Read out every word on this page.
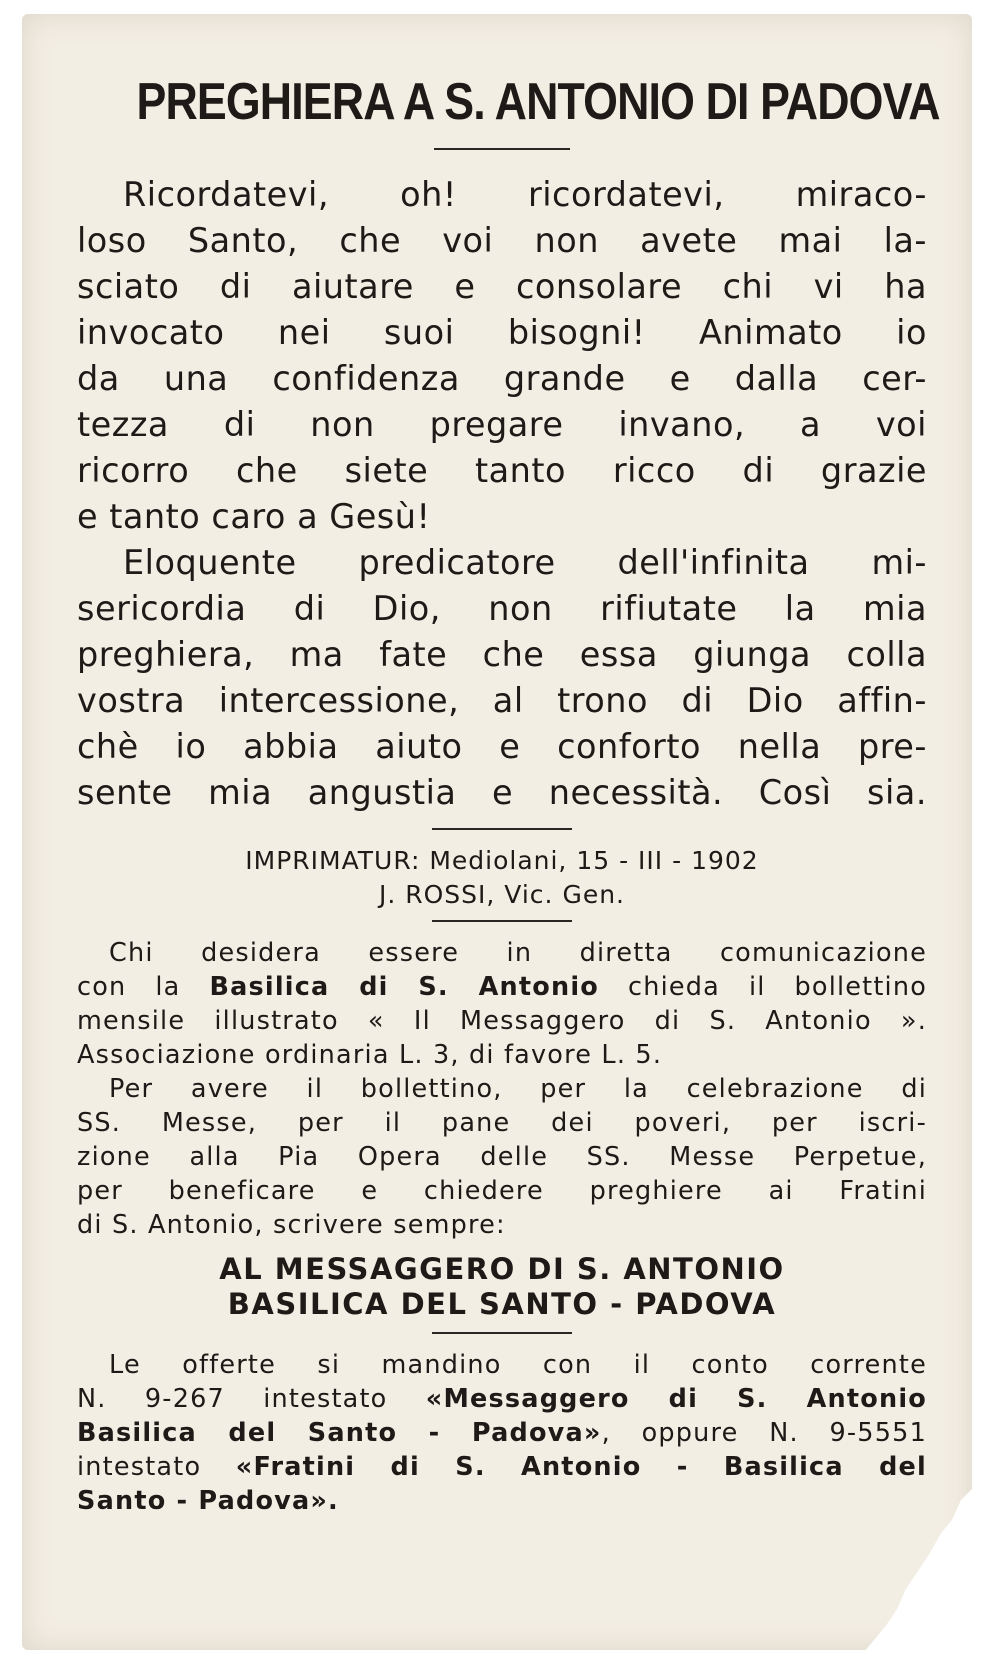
PREGHIERA A S. ANTONIO DI PADOVA

Ricordatevi, oh! ricordatevi, miraco-

loso Santo, che voi non avete mai la-

sciato di aiutare e consolare chi vi ha

invocato nei suoi bisogni! Animato io

da una confidenza grande e dalla cer-

tezza di non pregare invano, a voi

ricorro che siete tanto ricco di grazie

e tanto caro a Gesù!

Eloquente predicatore dell'infinita mi-

sericordia di Dio, non rifiutate la mia

preghiera, ma fate che essa giunga colla

vostra intercessione, al trono di Dio affin-

chè io abbia aiuto e conforto nella pre-

sente mia angustia e necessità. Così sia.

IMPRIMATUR: Mediolani, 15 - III - 1902

J. ROSSI, Vic. Gen.

Chi desidera essere in diretta comunicazione

con la Basilica di S. Antonio chieda il bollettino

mensile illustrato « Il Messaggero di S. Antonio ».

Associazione ordinaria L. 3, di favore L. 5.

Per avere il bollettino, per la celebrazione di

SS. Messe, per il pane dei poveri, per iscri-

zione alla Pia Opera delle SS. Messe Perpetue,

per beneficare e chiedere preghiere ai Fratini

di S. Antonio, scrivere sempre:

AL MESSAGGERO DI S. ANTONIO

BASILICA DEL SANTO - PADOVA

Le offerte si mandino con il conto corrente

N. 9-267 intestato «Messaggero di S. Antonio

Basilica del Santo - Padova», oppure N. 9-5551

intestato «Fratini di S. Antonio - Basilica del

Santo - Padova».
